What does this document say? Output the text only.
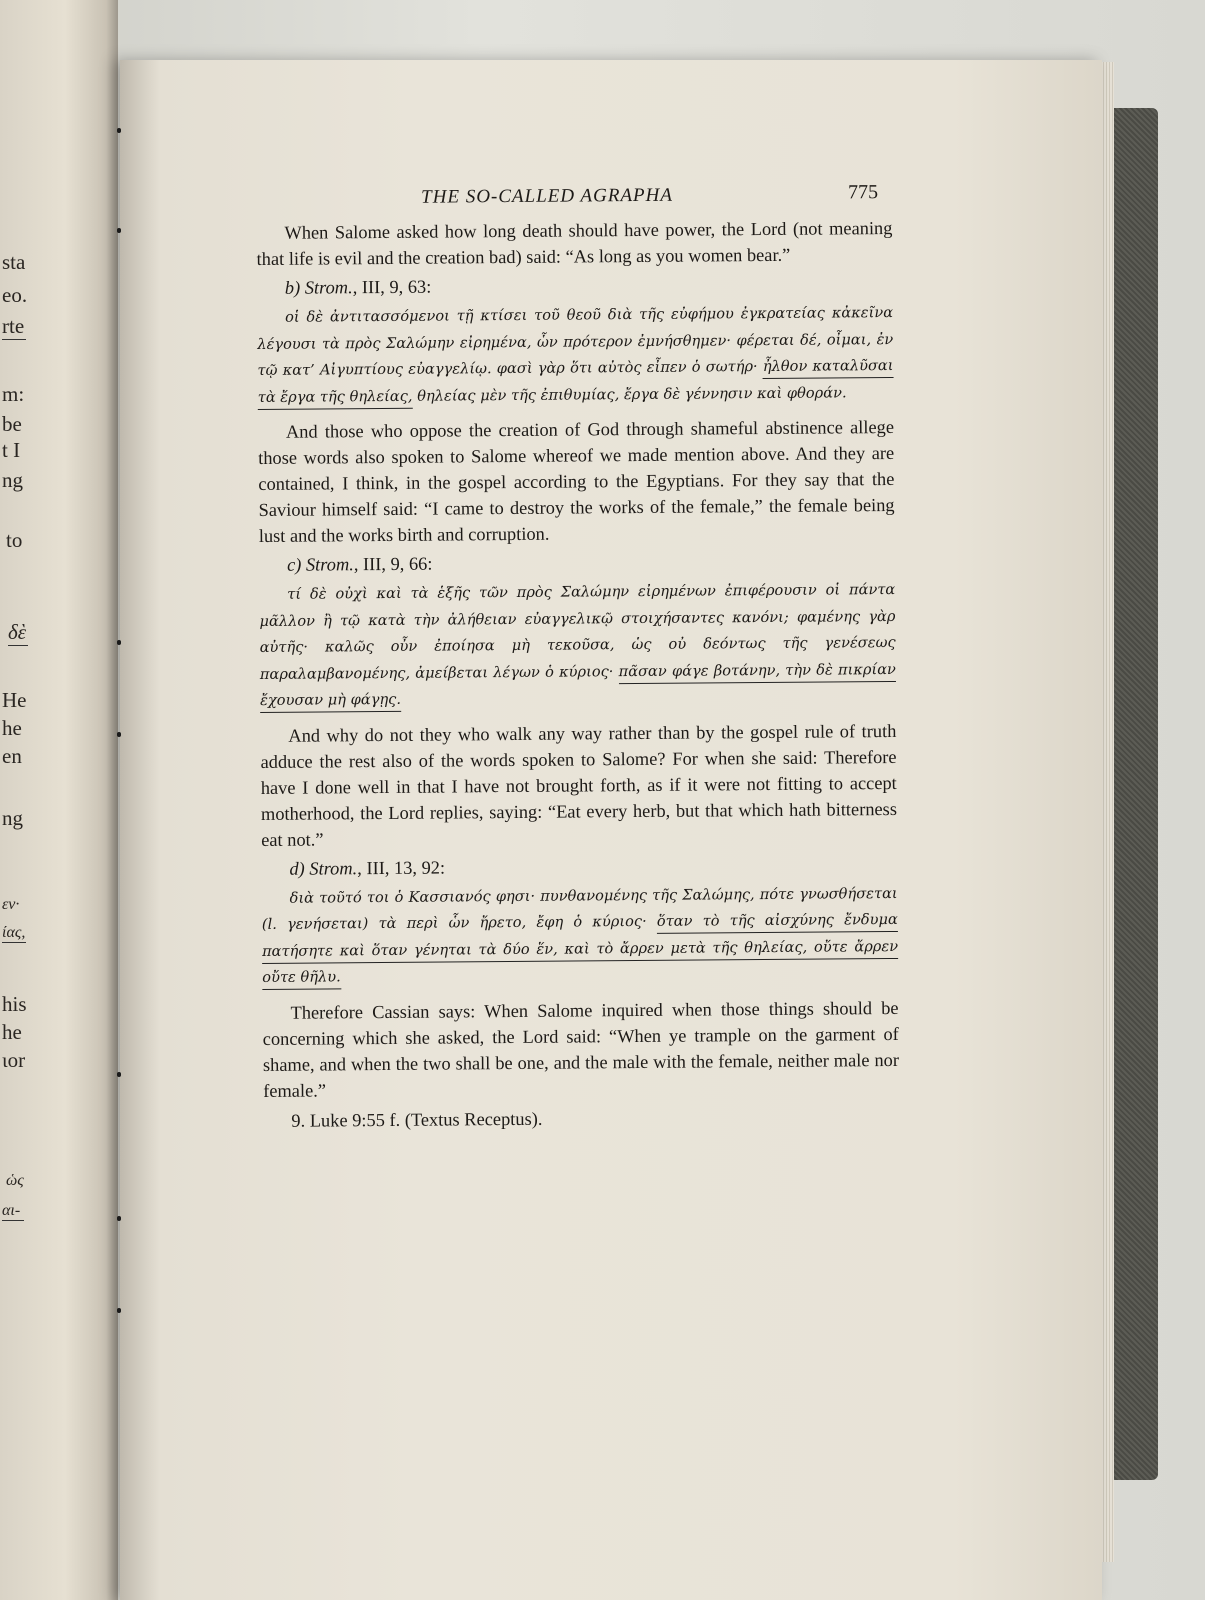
sta
eo.
rte
m:
be
t I
ng
to
δὲ
He
he
en
ng
εν·
ίας,
his
he
ιor
ὡς
αι-
THE SO-CALLED AGRAPHA	775

When Salome asked how long death should have power, the Lord (not meaning that life is evil and the creation bad) said: “As long as you women bear.”

b) Strom., III, 9, 63:

οἱ δὲ ἀντιτασσόμενοι τῇ κτίσει τοῦ θεοῦ διὰ τῆς εὐφήμου ἐγκρατείας κἀκεῖνα λέγουσι τὰ πρὸς Σαλώμην εἰρημένα, ὧν πρότερον ἐμνήσθημεν· φέρεται δέ, οἶμαι, ἐν τῷ κατ’ Αἰγυπτίους εὐαγγελίῳ. φασὶ γὰρ ὅτι αὐτὸς εἶπεν ὁ σωτήρ· ἦλθον καταλῦσαι τὰ ἔργα τῆς θηλείας, θηλείας μὲν τῆς ἐπιθυμίας, ἔργα δὲ γέννησιν καὶ φθοράν.

And those who oppose the creation of God through shameful abstinence allege those words also spoken to Salome whereof we made mention above. And they are contained, I think, in the gospel according to the Egyptians. For they say that the Saviour himself said: “I came to destroy the works of the female,” the female being lust and the works birth and corruption.

c) Strom., III, 9, 66:

τί δὲ οὐχὶ καὶ τὰ ἑξῆς τῶν πρὸς Σαλώμην εἰρημένων ἐπιφέρουσιν οἱ πάντα μᾶλλον ἢ τῷ κατὰ τὴν ἀλήθειαν εὐαγγελικῷ στοιχήσαντες κανόνι; φαμένης γὰρ αὐτῆς· καλῶς οὖν ἐποίησα μὴ τεκοῦσα, ὡς οὐ δεόντως τῆς γενέσεως παραλαμβανομένης, ἀμείβεται λέγων ὁ κύριος· πᾶσαν φάγε βοτάνην, τὴν δὲ πικρίαν ἔχουσαν μὴ φάγῃς.

And why do not they who walk any way rather than by the gospel rule of truth adduce the rest also of the words spoken to Salome? For when she said: Therefore have I done well in that I have not brought forth, as if it were not fitting to accept motherhood, the Lord replies, saying: “Eat every herb, but that which hath bitterness eat not.”

d) Strom., III, 13, 92:

διὰ τοῦτό τοι ὁ Κασσιανός φησι· πυνθανομένης τῆς Σαλώμης, πότε γνωσθήσεται (l. γενήσεται) τὰ περὶ ὧν ἤρετο, ἔφη ὁ κύριος· ὅταν τὸ τῆς αἰσχύνης ἔνδυμα πατήσητε καὶ ὅταν γένηται τὰ δύο ἕν, καὶ τὸ ἄρρεν μετὰ τῆς θηλείας, οὔτε ἄρρεν οὔτε θῆλυ.

Therefore Cassian says: When Salome inquired when those things should be concerning which she asked, the Lord said: “When ye trample on the garment of shame, and when the two shall be one, and the male with the female, neither male nor female.”

9. Luke 9:55 f. (Textus Receptus).
